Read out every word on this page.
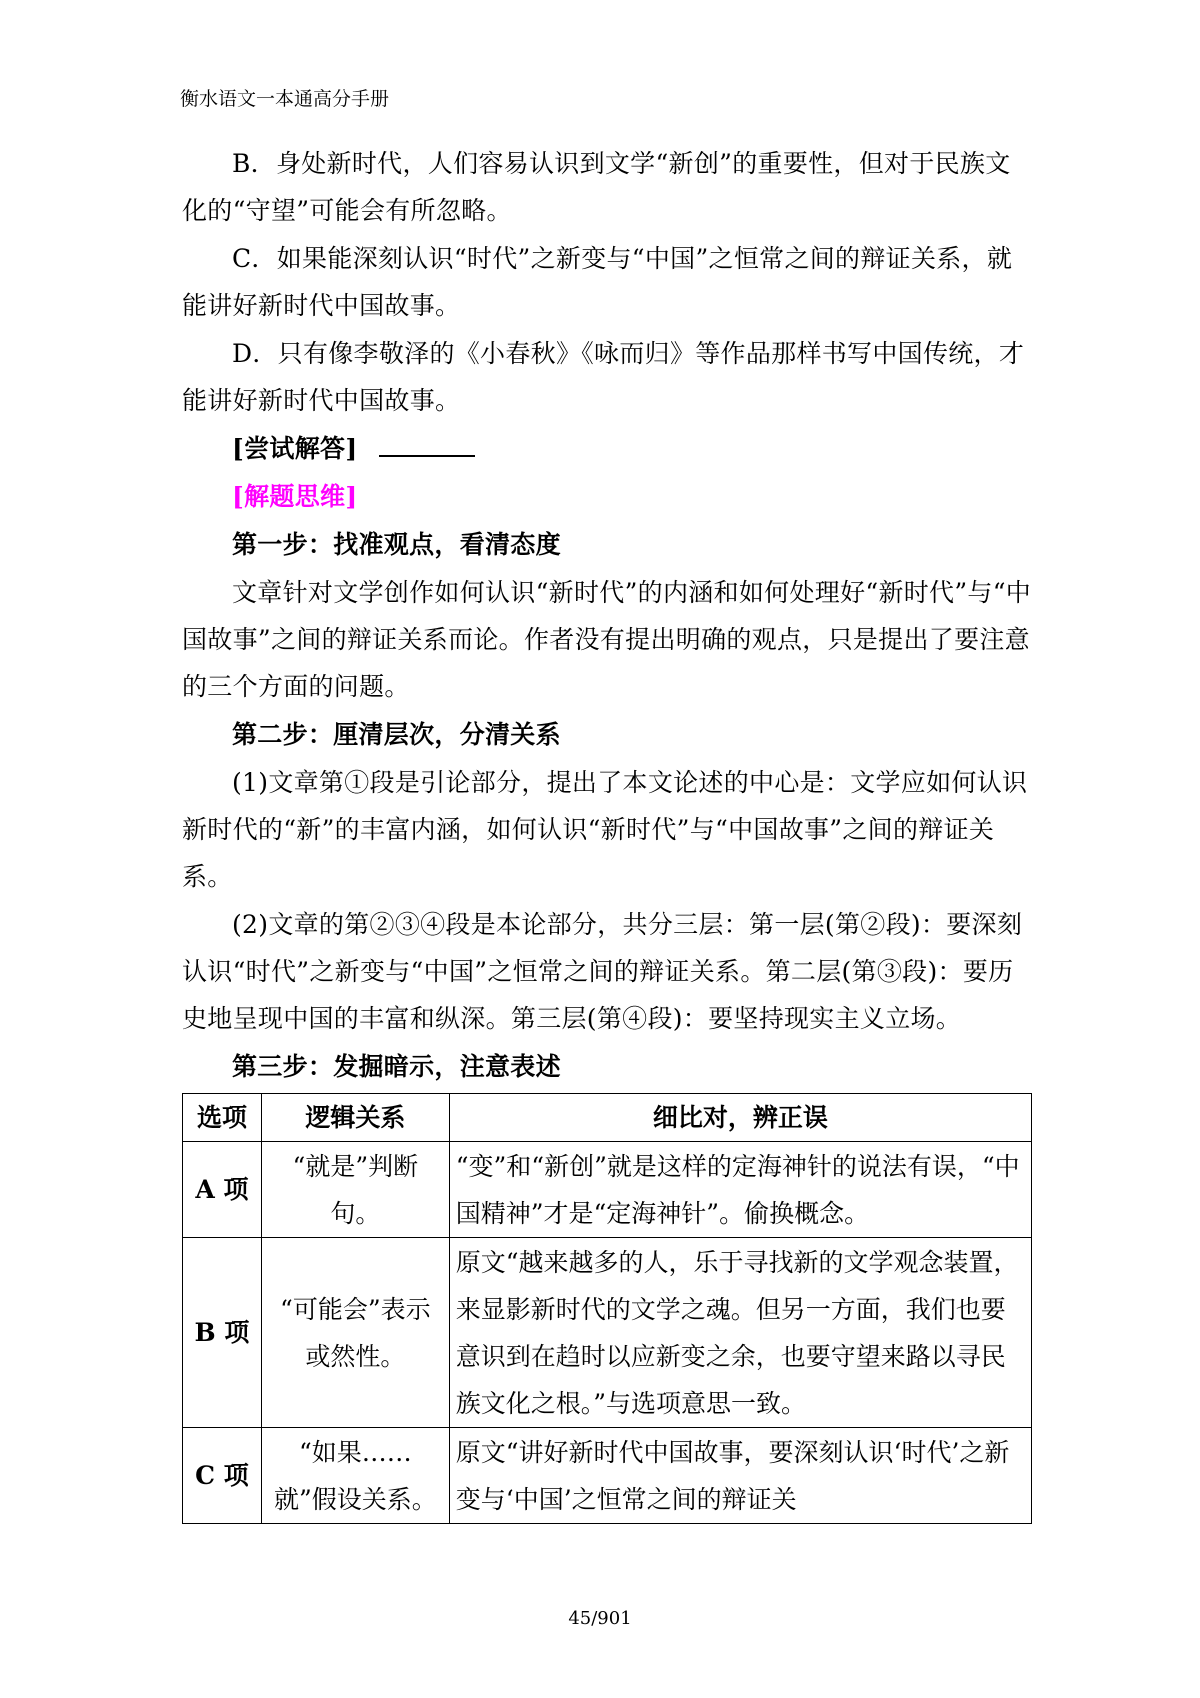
衡水语文一本通高分手册

B．身处新时代，人们容易认识到文学“新创”的重要性，但对于民族文化的“守望”可能会有所忽略。

C．如果能深刻认识“时代”之新变与“中国”之恒常之间的辩证关系，就能讲好新时代中国故事。

D．只有像李敬泽的《小春秋》《咏而归》等作品那样书写中国传统，才能讲好新时代中国故事。

[尝试解答]

[解题思维]

第一步：找准观点，看清态度

文章针对文学创作如何认识“新时代”的内涵和如何处理好“新时代”与“中国故事”之间的辩证关系而论。作者没有提出明确的观点，只是提出了要注意的三个方面的问题。

第二步：厘清层次，分清关系

(1)文章第①段是引论部分，提出了本文论述的中心是：文学应如何认识新时代的“新”的丰富内涵，如何认识“新时代”与“中国故事”之间的辩证关系。

(2)文章的第②③④段是本论部分，共分三层：第一层(第②段)：要深刻认识“时代”之新变与“中国”之恒常之间的辩证关系。第二层(第③段)：要历史地呈现中国的丰富和纵深。第三层(第④段)：要坚持现实主义立场。

第三步：发掘暗示，注意表述

选项	逻辑关系	细比对，辨正误
A 项	“就是”判断句。	“变”和“新创”就是这样的定海神针的说法有误，“中国精神”才是“定海神针”。偷换概念。
B 项	“可能会”表示或然性。	原文“越来越多的人，乐于寻找新的文学观念装置，来显影新时代的文学之魂。但另一方面，我们也要意识到在趋时以应新变之余，也要守望来路以寻民族文化之根。”与选项意思一致。
C 项	“如果……就”假设关系。	原文“讲好新时代中国故事，要深刻认识‘时代’之新变与‘中国’之恒常之间的辩证关
45/901
